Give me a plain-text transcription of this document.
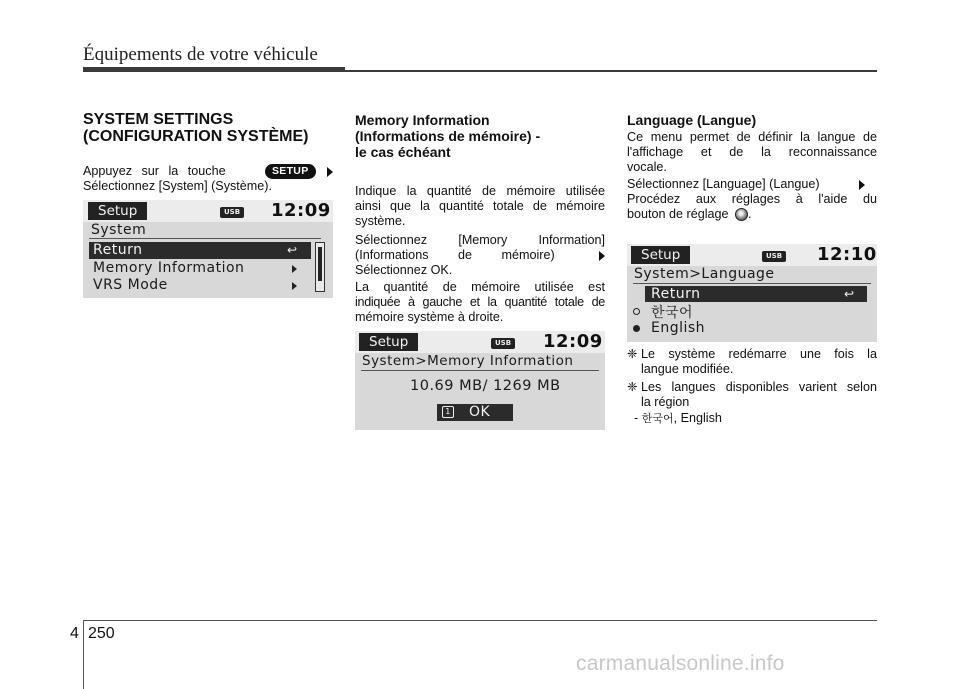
Équipements de votre véhicule
SYSTEM SETTINGS
(CONFIGURATION SYSTÈME)
Appuyez sur la touche	SETUP
Sélectionnez [System] (Système).
Setup	USB 12:09
System
Return	↩
Memory Information
VRS Mode
Memory Information
(Informations de mémoire) -
le cas échéant
Indique la quantité de mémoire utilisée
ainsi que la quantité totale de mémoire
système.
Sélectionnez [Memory Information]
(Informations de mémoire)
Sélectionnez OK.
La quantité de mémoire utilisée est
indiquée à gauche et la quantité totale de
mémoire système à droite.
Setup	USB 12:09
System>Memory Information
10.69 MB/ 1269 MB
1 OK
Language (Langue)
Ce menu permet de définir la langue de
l'affichage et de la reconnaissance
vocale.
Sélectionnez [Language] (Langue)
Procédez aux réglages à l'aide du
bouton de réglage .
Setup	USB 12:10
System>Language
Return	↩
한국어
English
❈ Le système redémarre une fois la
langue modifiée.
❈ Les langues disponibles varient selon
la région
- 한국어, English
4 250
carmanualsonline.info
